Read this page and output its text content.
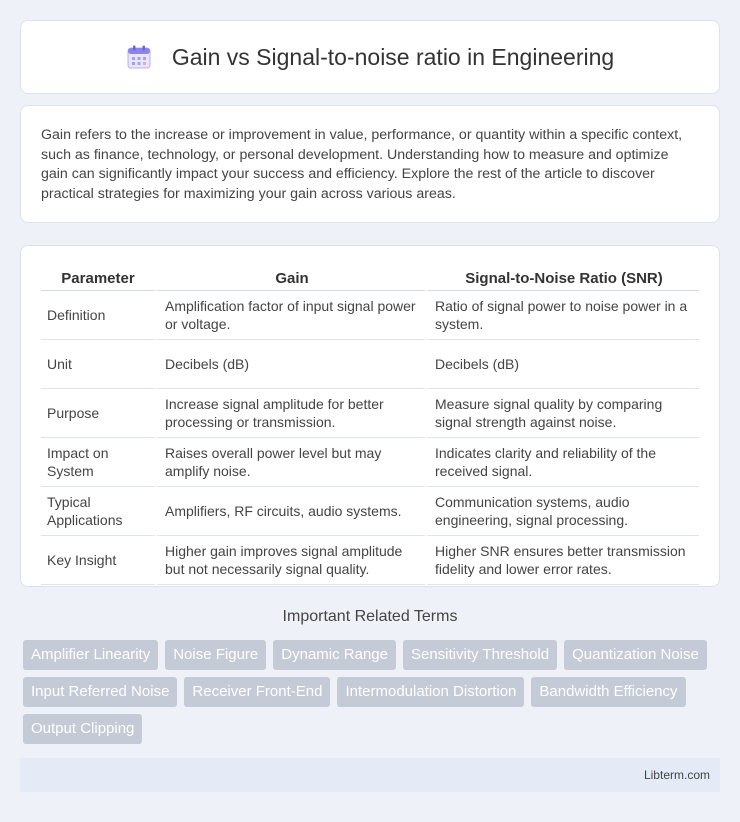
Gain vs Signal-to-noise ratio in Engineering

Gain refers to the increase or improvement in value, performance, or quantity within a specific context, such as finance, technology, or personal development. Understanding how to measure and optimize gain can significantly impact your success and efficiency. Explore the rest of the article to discover practical strategies for maximizing your gain across various areas.

Parameter	Gain	Signal-to-Noise Ratio (SNR)
Definition	Amplification factor of input signal power or voltage.	Ratio of signal power to noise power in a system.
Unit	Decibels (dB)	Decibels (dB)
Purpose	Increase signal amplitude for better processing or transmission.	Measure signal quality by comparing signal strength against noise.
Impact on System	Raises overall power level but may amplify noise.	Indicates clarity and reliability of the received signal.
Typical Applications	Amplifiers, RF circuits, audio systems.	Communication systems, audio engineering, signal processing.
Key Insight	Higher gain improves signal amplitude but not necessarily signal quality.	Higher SNR ensures better transmission fidelity and lower error rates.
Important Related Terms
Amplifier Linearity	Noise Figure	Dynamic Range	Sensitivity Threshold	Quantization Noise
Input Referred Noise	Receiver Front-End	Intermodulation Distortion	Bandwidth Efficiency
Output Clipping
Libterm.com
